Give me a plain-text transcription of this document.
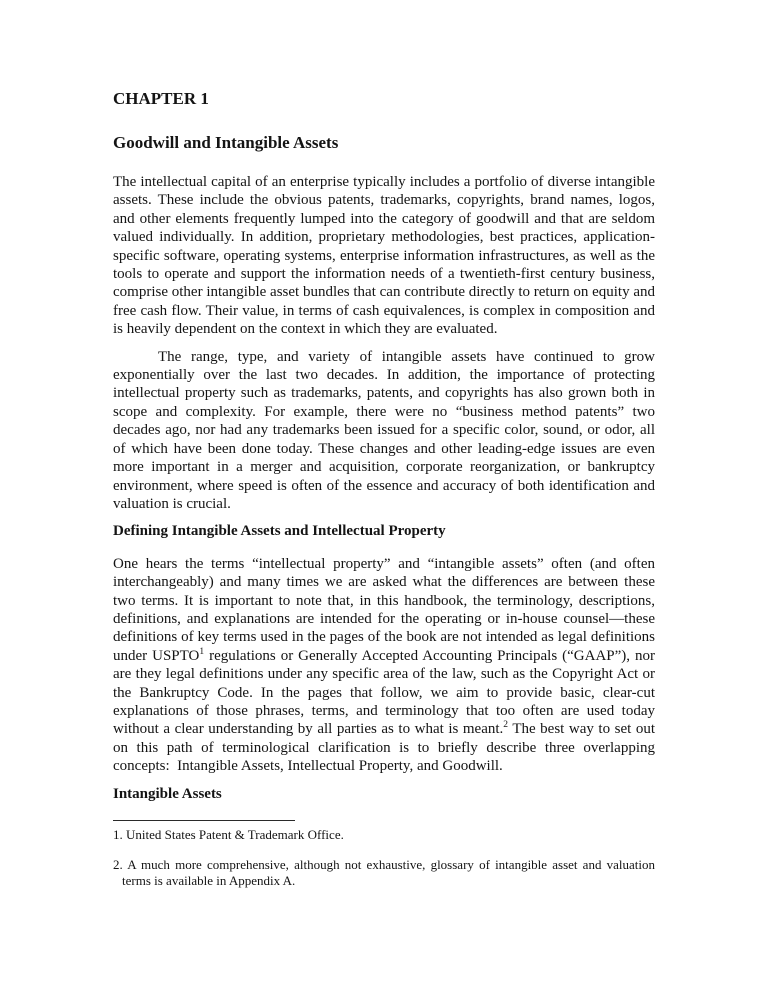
CHAPTER 1
Goodwill and Intangible Assets

The intellectual capital of an enterprise typically includes a portfolio of diverse intangible assets. These include the obvious patents, trademarks, copyrights, brand names, logos, and other elements frequently lumped into the category of goodwill and that are seldom valued individually. In addition, proprietary methodologies, best practices, application-specific software, operating systems, enterprise information infrastructures, as well as the tools to operate and support the information needs of a twentieth-first century business, comprise other intangible asset bundles that can contribute directly to return on equity and free cash flow. Their value, in terms of cash equivalences, is complex in composition and is heavily dependent on the context in which they are evaluated.

The range, type, and variety of intangible assets have continued to grow exponentially over the last two decades. In addition, the importance of protecting intellectual property such as trademarks, patents, and copyrights has also grown both in scope and complexity. For example, there were no “business method patents” two decades ago, nor had any trademarks been issued for a specific color, sound, or odor, all of which have been done today. These changes and other leading-edge issues are even more important in a merger and acquisition, corporate reorganization, or bankruptcy environment, where speed is often of the essence and accuracy of both identification and valuation is crucial.

Defining Intangible Assets and Intellectual Property

One hears the terms “intellectual property” and “intangible assets” often (and often interchangeably) and many times we are asked what the differences are between these two terms. It is important to note that, in this handbook, the terminology, descriptions, definitions, and explanations are intended for the operating or in-house counsel—these definitions of key terms used in the pages of the book are not intended as legal definitions under USPTO$^1$ regulations or Generally Accepted Accounting Principals (“GAAP”), nor are they legal definitions under any specific area of the law, such as the Copyright Act or the Bankruptcy Code. In the pages that follow, we aim to provide basic, clear-cut explanations of those phrases, terms, and terminology that too often are used today without a clear understanding by all parties as to what is meant.$^2$ The best way to set out on this path of terminological clarification is to briefly describe three overlapping concepts:  Intangible Assets, Intellectual Property, and Goodwill.

Intangible Assets

1. United States Patent & Trademark Office.

2. A much more comprehensive, although not exhaustive, glossary of intangible asset and valuation terms is available in Appendix A.
